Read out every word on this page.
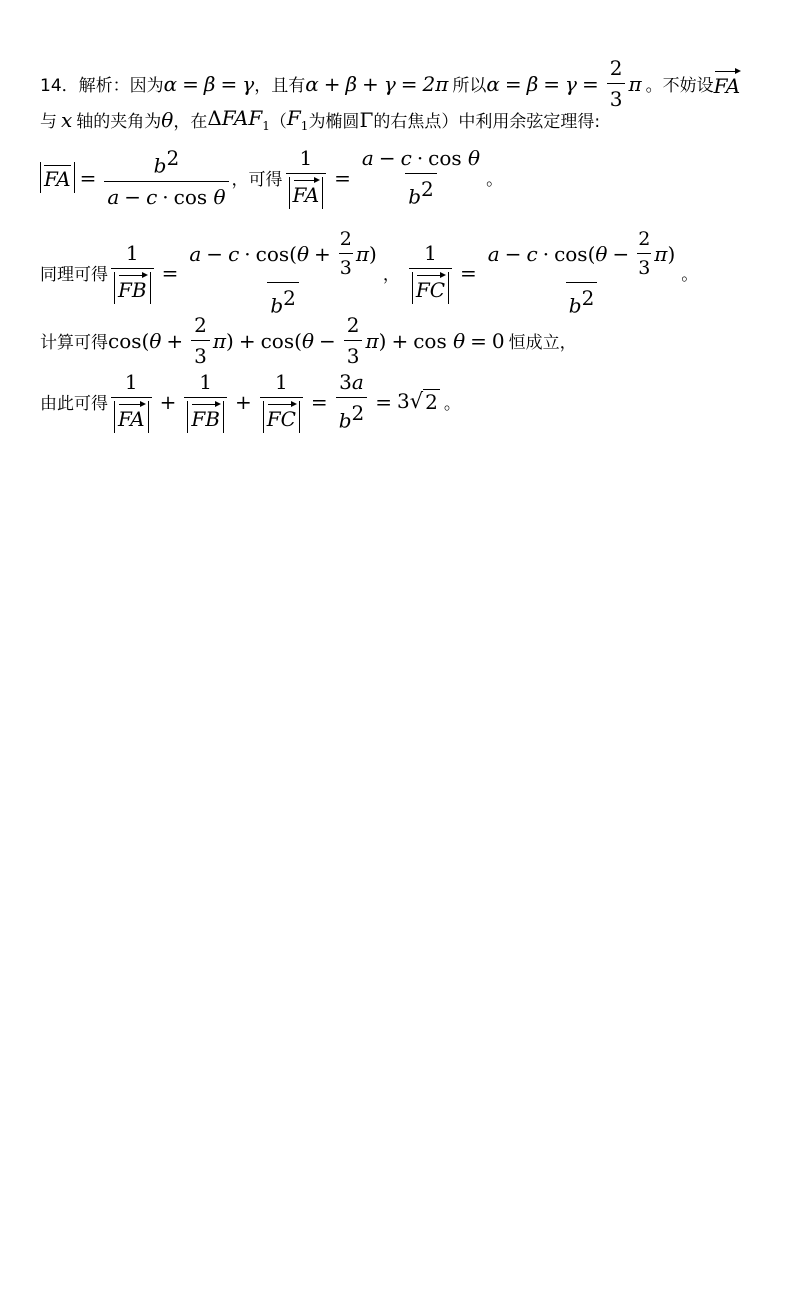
14． 解析： 因为 α = β = γ ，且有 α + β + γ = 2π 所以 $\alpha = \beta = \gamma = \frac{2}{3}$ π 。不妨设 FA
与 x 轴的夹角为 θ ，在 $\Delta FAF_1$ （ $F_1$ 为椭圆 Γ 的右焦点）中利用余弦定理得:
FA = $\frac{b^2}{\text{a − c · cos θ}}$ ，可得 $\frac{1}{FA} = \frac{\text{a − c · cos θ}}{b^2}$ 。
同理可得 $\frac{1}{FB} = \frac{a - c \cdot \cos ( \theta + \frac{2}{3} \pi )}{b^2}$ ， $\frac{1}{FC} = \frac{a - c \cdot \cos ( \theta - \frac{2}{3} \pi )}{b^2}$ 。
计算可得 cos ( $\theta + \frac{2}{3}$ π ) + cos ( $\theta - \frac{2}{3}$ π ) + cos
θ = 0 恒成立，
由此可得 $\frac{1}{FA} + \frac{1}{FB} + \frac{1}{FC} = \frac{3a}{b^2} = 3$ √ 2 。
